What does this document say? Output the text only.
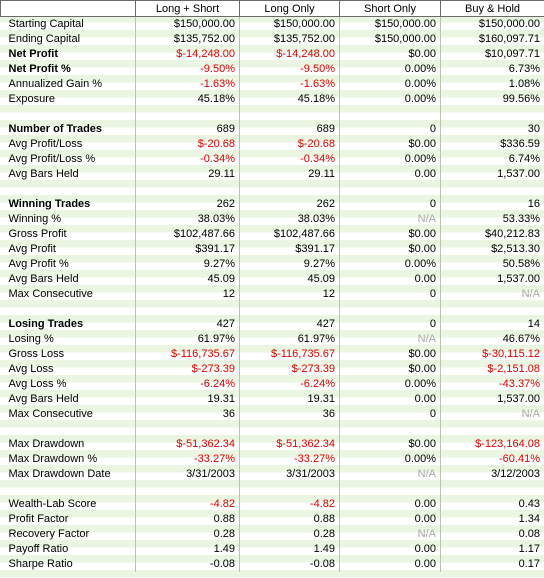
	Long + Short	Long Only	Short Only	Buy & Hold
Starting Capital	$150,000.00	$150,000.00	$150,000.00	$150,000.00
Ending Capital	$135,752.00	$135,752.00	$150,000.00	$160,097.71
Net Profit	$-14,248.00	$-14,248.00	$0.00	$10,097.71
Net Profit %	-9.50%	-9.50%	0.00%	6.73%
Annualized Gain %	-1.63%	-1.63%	0.00%	1.08%
Exposure	45.18%	45.18%	0.00%	99.56%

Number of Trades	689	689	0	30
Avg Profit/Loss	$-20.68	$-20.68	$0.00	$336.59
Avg Profit/Loss %	-0.34%	-0.34%	0.00%	6.74%
Avg Bars Held	29.11	29.11	0.00	1,537.00

Winning Trades	262	262	0	16
Winning %	38.03%	38.03%	N/A	53.33%
Gross Profit	$102,487.66	$102,487.66	$0.00	$40,212.83
Avg Profit	$391.17	$391.17	$0.00	$2,513.30
Avg Profit %	9.27%	9.27%	0.00%	50.58%
Avg Bars Held	45.09	45.09	0.00	1,537.00
Max Consecutive	12	12	0	N/A

Losing Trades	427	427	0	14
Losing %	61.97%	61.97%	N/A	46.67%
Gross Loss	$-116,735.67	$-116,735.67	$0.00	$-30,115.12
Avg Loss	$-273.39	$-273.39	$0.00	$-2,151.08
Avg Loss %	-6.24%	-6.24%	0.00%	-43.37%
Avg Bars Held	19.31	19.31	0.00	1,537.00
Max Consecutive	36	36	0	N/A

Max Drawdown	$-51,362.34	$-51,362.34	$0.00	$-123,164.08
Max Drawdown %	-33.27%	-33.27%	0.00%	-60.41%
Max Drawdown Date	3/31/2003	3/31/2003	N/A	3/12/2003

Wealth-Lab Score	-4.82	-4.82	0.00	0.43
Profit Factor	0.88	0.88	0.00	1.34
Recovery Factor	0.28	0.28	N/A	0.08
Payoff Ratio	1.49	1.49	0.00	1.17
Sharpe Ratio	-0.08	-0.08	0.00	0.17
